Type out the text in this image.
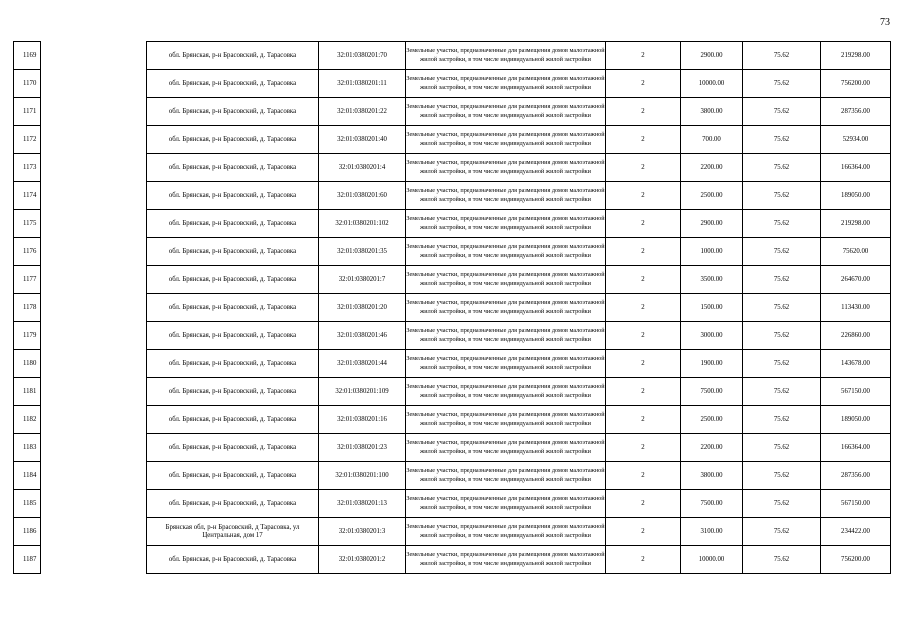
73
1169		обл. Брянская, р-н Брасовский, д. Тарасовка	32:01:0380201:70	Земельные участки, предназначенные для размещения домов малоэтажной жилой застройки, в том числе индивидуальной жилой застройки	2	2900.00	75.62	219298.00
1170		обл. Брянская, р-н Брасовский, д. Тарасовка	32:01:0380201:11	Земельные участки, предназначенные для размещения домов малоэтажной жилой застройки, в том числе индивидуальной жилой застройки	2	10000.00	75.62	756200.00
1171		обл. Брянская, р-н Брасовский, д. Тарасовка	32:01:0380201:22	Земельные участки, предназначенные для размещения домов малоэтажной жилой застройки, в том числе индивидуальной жилой застройки	2	3800.00	75.62	287356.00
1172		обл. Брянская, р-н Брасовский, д. Тарасовка	32:01:0380201:40	Земельные участки, предназначенные для размещения домов малоэтажной жилой застройки, в том числе индивидуальной жилой застройки	2	700.00	75.62	52934.00
1173		обл. Брянская, р-н Брасовский, д. Тарасовка	32:01:0380201:4	Земельные участки, предназначенные для размещения домов малоэтажной жилой застройки, в том числе индивидуальной жилой застройки	2	2200.00	75.62	166364.00
1174		обл. Брянская, р-н Брасовский, д. Тарасовка	32:01:0380201:60	Земельные участки, предназначенные для размещения домов малоэтажной жилой застройки, в том числе индивидуальной жилой застройки	2	2500.00	75.62	189050.00
1175		обл. Брянская, р-н Брасовский, д. Тарасовка	32:01:0380201:102	Земельные участки, предназначенные для размещения домов малоэтажной жилой застройки, в том числе индивидуальной жилой застройки	2	2900.00	75.62	219298.00
1176		обл. Брянская, р-н Брасовский, д. Тарасовка	32:01:0380201:35	Земельные участки, предназначенные для размещения домов малоэтажной жилой застройки, в том числе индивидуальной жилой застройки	2	1000.00	75.62	75620.00
1177		обл. Брянская, р-н Брасовский, д. Тарасовка	32:01:0380201:7	Земельные участки, предназначенные для размещения домов малоэтажной жилой застройки, в том числе индивидуальной жилой застройки	2	3500.00	75.62	264670.00
1178		обл. Брянская, р-н Брасовский, д. Тарасовка	32:01:0380201:20	Земельные участки, предназначенные для размещения домов малоэтажной жилой застройки, в том числе индивидуальной жилой застройки	2	1500.00	75.62	113430.00
1179		обл. Брянская, р-н Брасовский, д. Тарасовка	32:01:0380201:46	Земельные участки, предназначенные для размещения домов малоэтажной жилой застройки, в том числе индивидуальной жилой застройки	2	3000.00	75.62	226860.00
1180		обл. Брянская, р-н Брасовский, д. Тарасовка	32:01:0380201:44	Земельные участки, предназначенные для размещения домов малоэтажной жилой застройки, в том числе индивидуальной жилой застройки	2	1900.00	75.62	143678.00
1181		обл. Брянская, р-н Брасовский, д. Тарасовка	32:01:0380201:109	Земельные участки, предназначенные для размещения домов малоэтажной жилой застройки, в том числе индивидуальной жилой застройки	2	7500.00	75.62	567150.00
1182		обл. Брянская, р-н Брасовский, д. Тарасовка	32:01:0380201:16	Земельные участки, предназначенные для размещения домов малоэтажной жилой застройки, в том числе индивидуальной жилой застройки	2	2500.00	75.62	189050.00
1183		обл. Брянская, р-н Брасовский, д. Тарасовка	32:01:0380201:23	Земельные участки, предназначенные для размещения домов малоэтажной жилой застройки, в том числе индивидуальной жилой застройки	2	2200.00	75.62	166364.00
1184		обл. Брянская, р-н Брасовский, д. Тарасовка	32:01:0380201:100	Земельные участки, предназначенные для размещения домов малоэтажной жилой застройки, в том числе индивидуальной жилой застройки	2	3800.00	75.62	287356.00
1185		обл. Брянская, р-н Брасовский, д. Тарасовка	32:01:0380201:13	Земельные участки, предназначенные для размещения домов малоэтажной жилой застройки, в том числе индивидуальной жилой застройки	2	7500.00	75.62	567150.00
1186		Брянская обл, р-н Брасовский, д Тарасовка, ул Центральная, дом 17	32:01:0380201:3	Земельные участки, предназначенные для размещения домов малоэтажной жилой застройки, в том числе индивидуальной жилой застройки	2	3100.00	75.62	234422.00
1187		обл. Брянская, р-н Брасовский, д. Тарасовка	32:01:0380201:2	Земельные участки, предназначенные для размещения домов малоэтажной жилой застройки, в том числе индивидуальной жилой застройки	2	10000.00	75.62	756200.00
